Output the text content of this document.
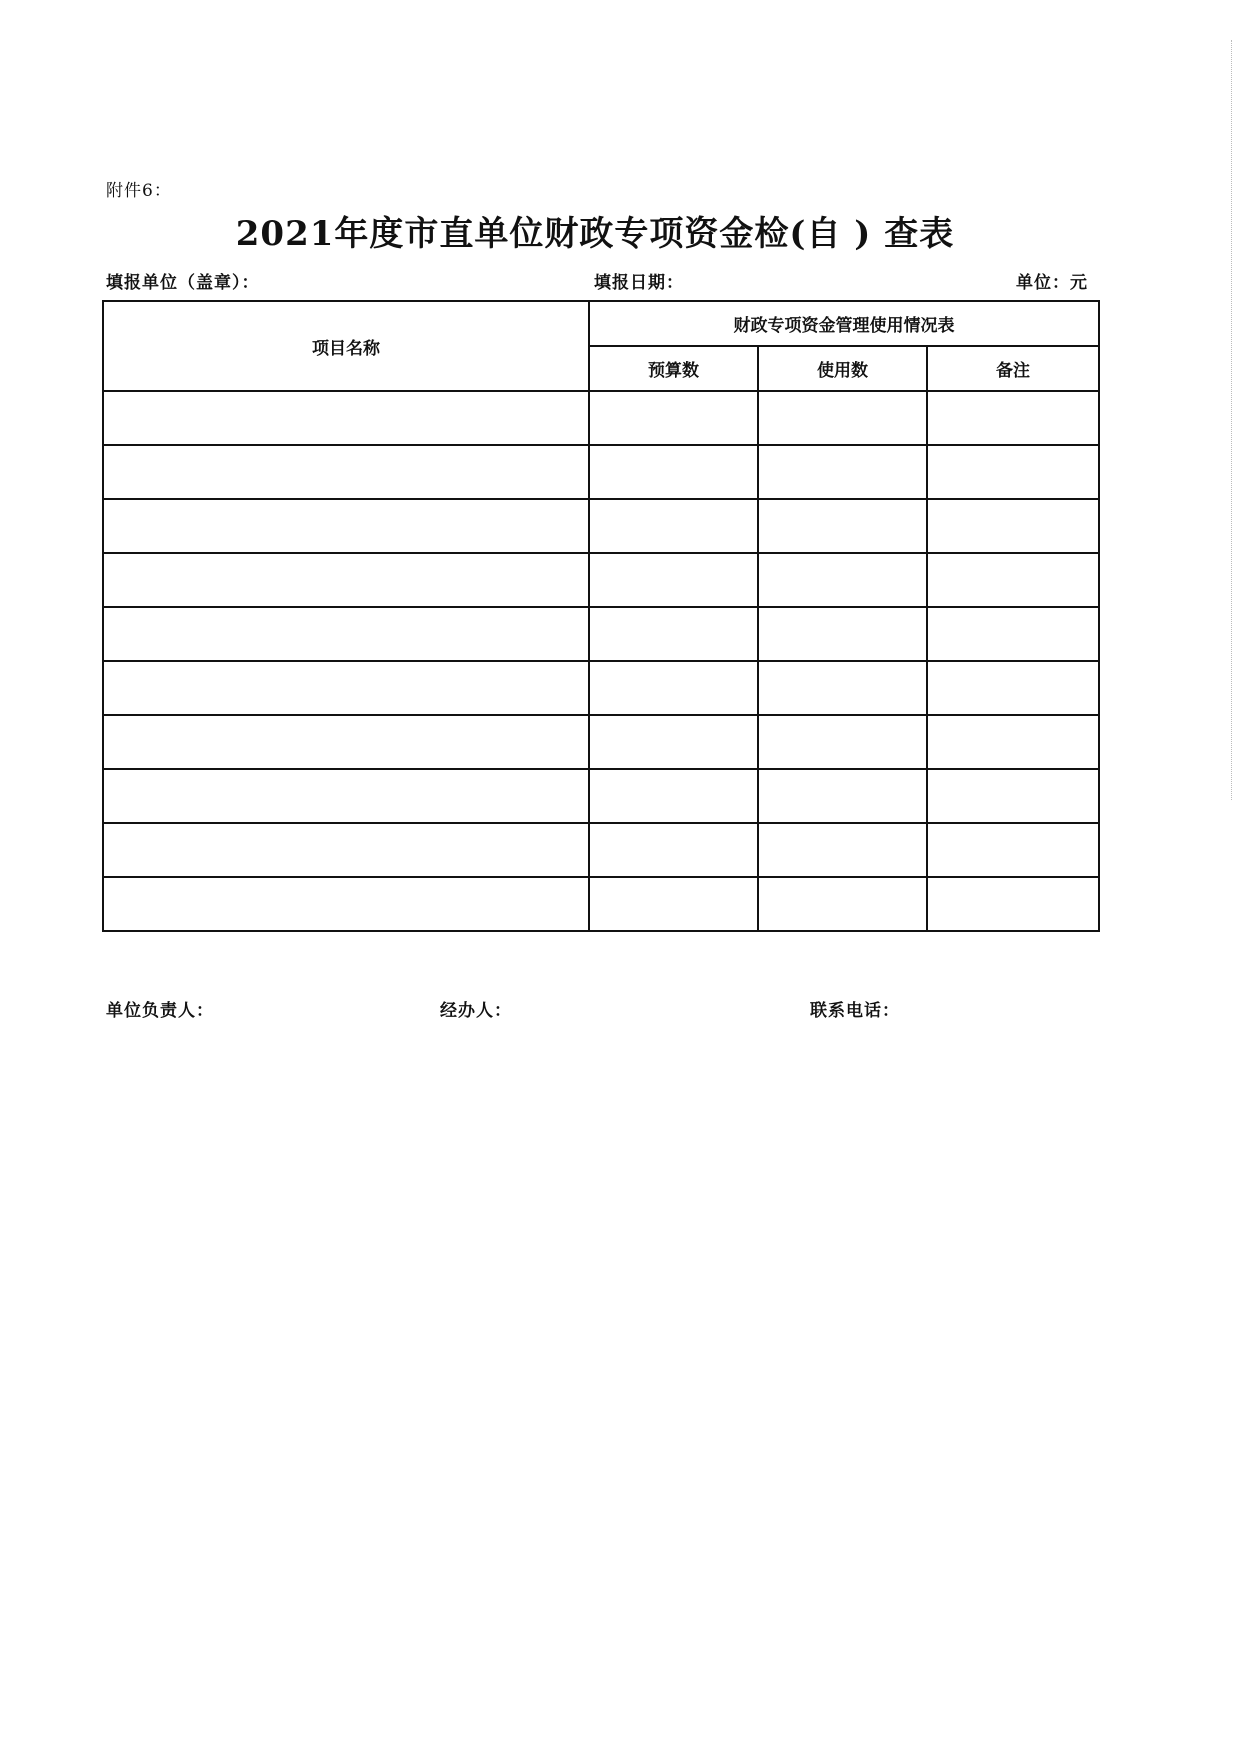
附件6：
2021年度市直单位财政专项资金检(自 ) 查表
填报单位（盖章）：	填报日期：	单位：元
项目名称	财政专项资金管理使用情况表		
	预算数	使用数	备注

单位负责人：	经办人：	联系电话：
